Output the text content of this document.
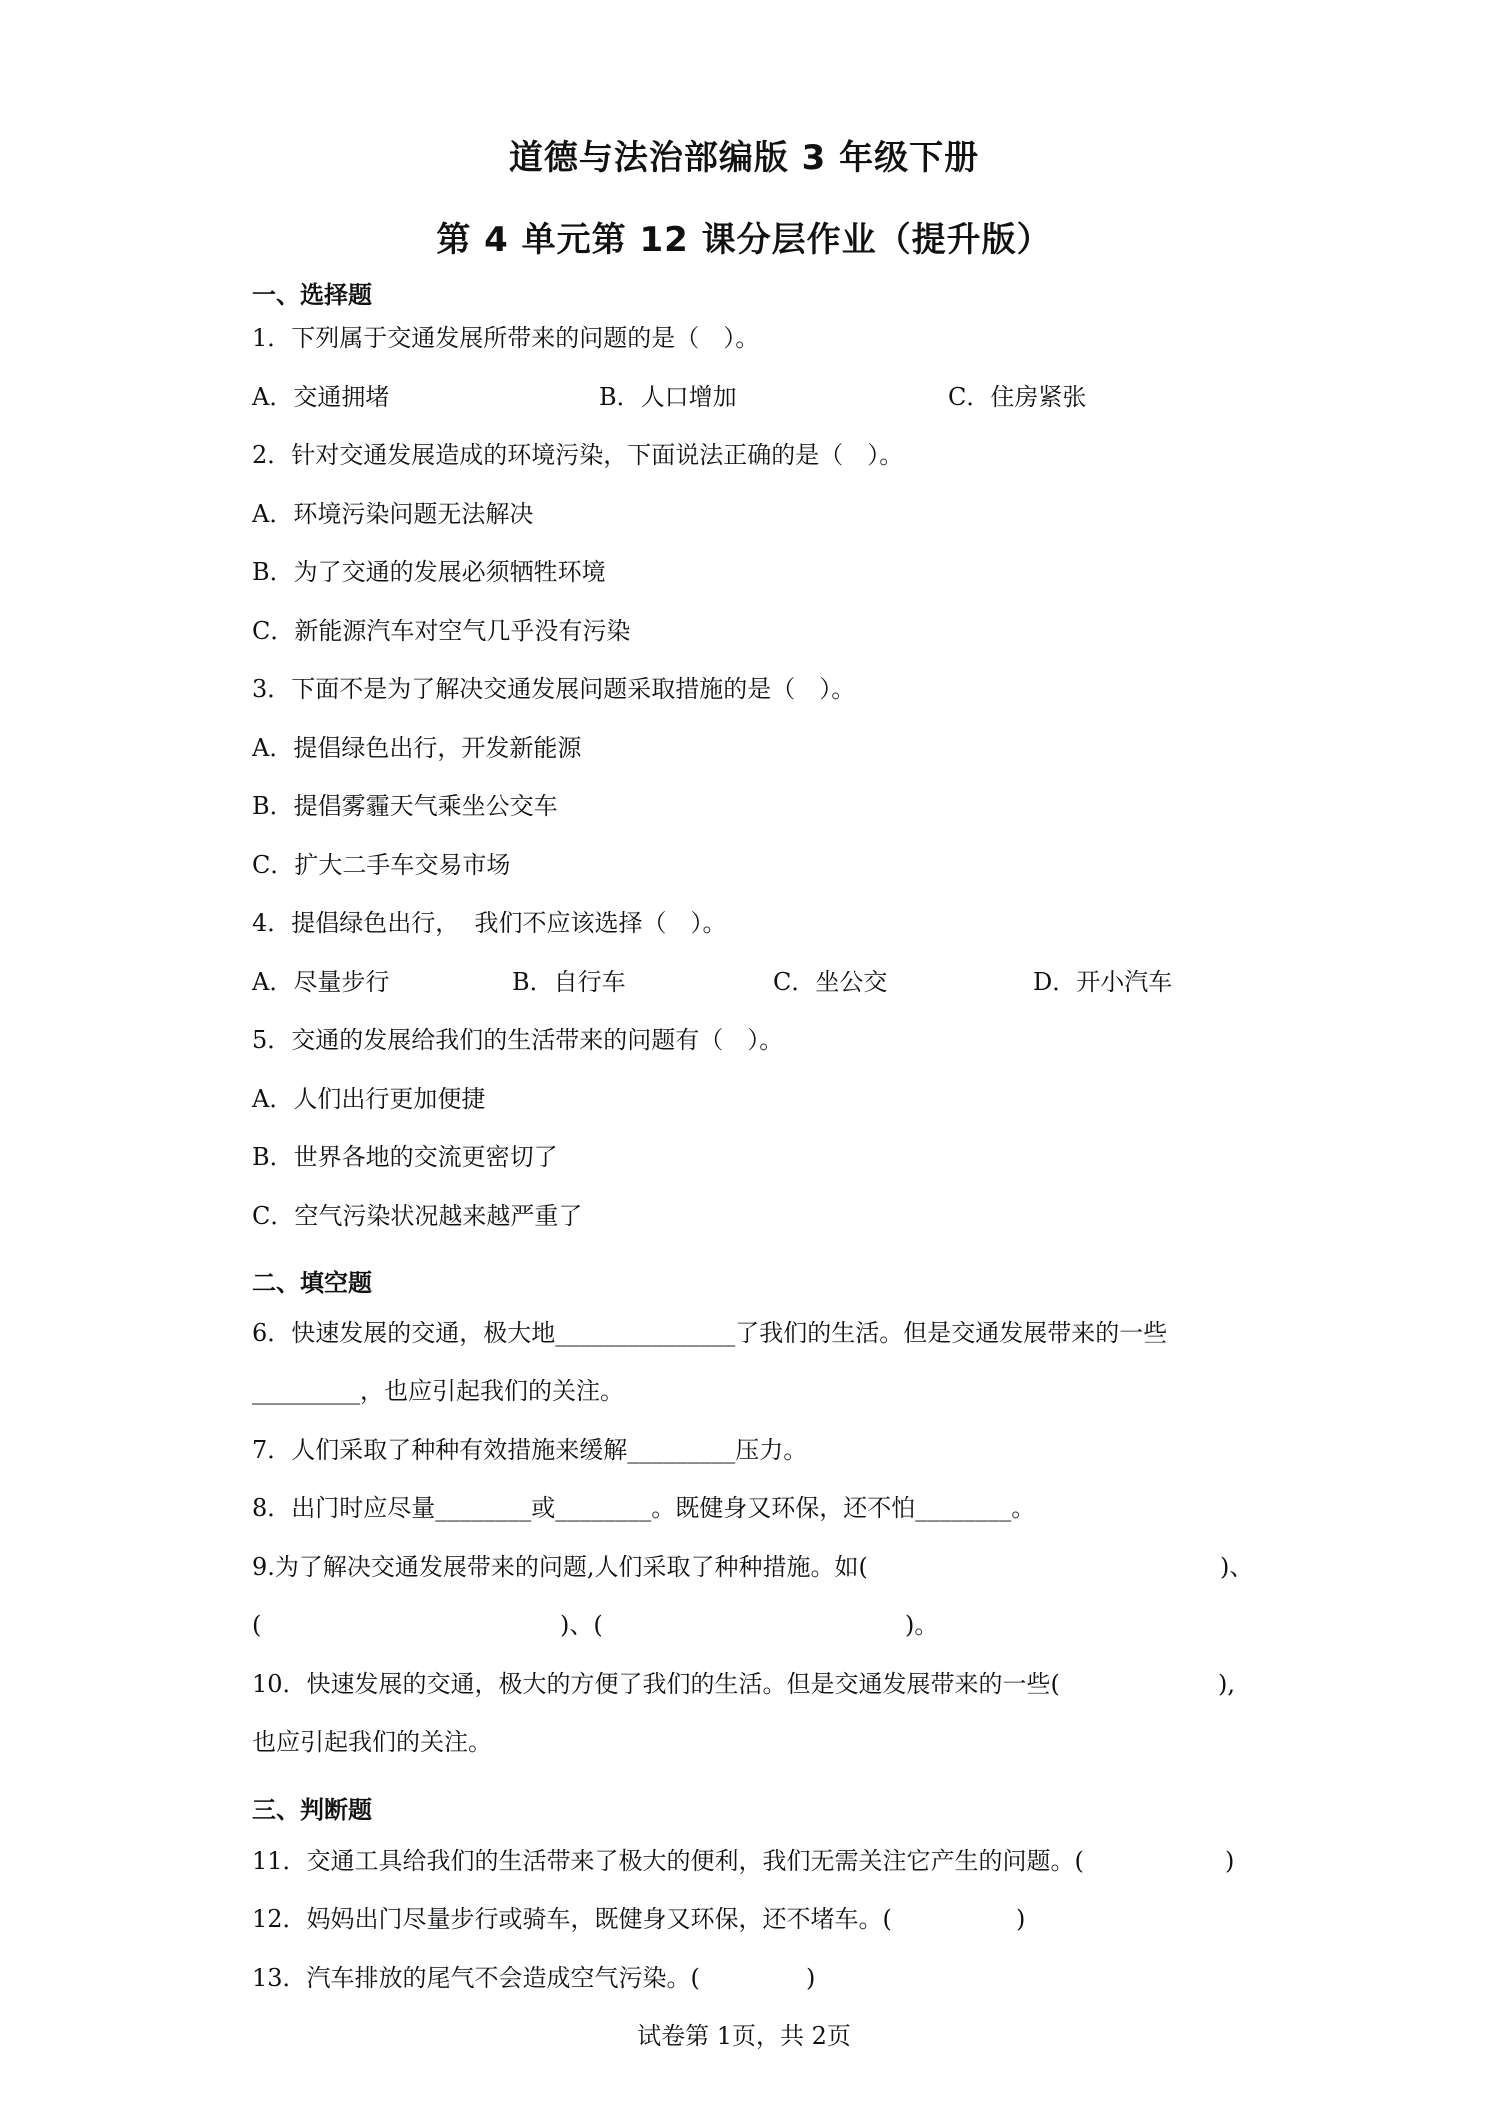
道德与法治部编版 3 年级下册
第 4 单元第 12 课分层作业（提升版）
一、选择题
1．下列属于交通发展所带来的问题的是（　）。
A．交通拥堵	B．人口增加	C．住房紧张
2．针对交通发展造成的环境污染，下面说法正确的是（　）。
A．环境污染问题无法解决
B．为了交通的发展必须牺牲环境
C．新能源汽车对空气几乎没有污染
3．下面不是为了解决交通发展问题采取措施的是（　）。
A．提倡绿色出行，开发新能源
B．提倡雾霾天气乘坐公交车
C．扩大二手车交易市场
4．提倡绿色出行，  我们不应该选择（　）。
A．尽量步行	B．自行车	C．坐公交	D．开小汽车
5．交通的发展给我们的生活带来的问题有（　）。
A．人们出行更加便捷
B．世界各地的交流更密切了
C．空气污染状况越来越严重了
二、填空题
6．快速发展的交通，极大地_______________了我们的生活。但是交通发展带来的一些
_________，也应引起我们的关注。
7．人们采取了种种有效措施来缓解_________压力。
8．出门时应尽量________或________。既健身又环保，还不怕________。
9.为了解决交通发展带来的问题,人们采取了种种措施。如(	)、
(	)、(	)。
10．快速发展的交通，极大的方便了我们的生活。但是交通发展带来的一些(	),
也应引起我们的关注。
三、判断题
11．交通工具给我们的生活带来了极大的便利，我们无需关注它产生的问题。(	)
12．妈妈出门尽量步行或骑车，既健身又环保，还不堵车。(	)
13．汽车排放的尾气不会造成空气污染。(	)
试卷第 1页，共 2页
